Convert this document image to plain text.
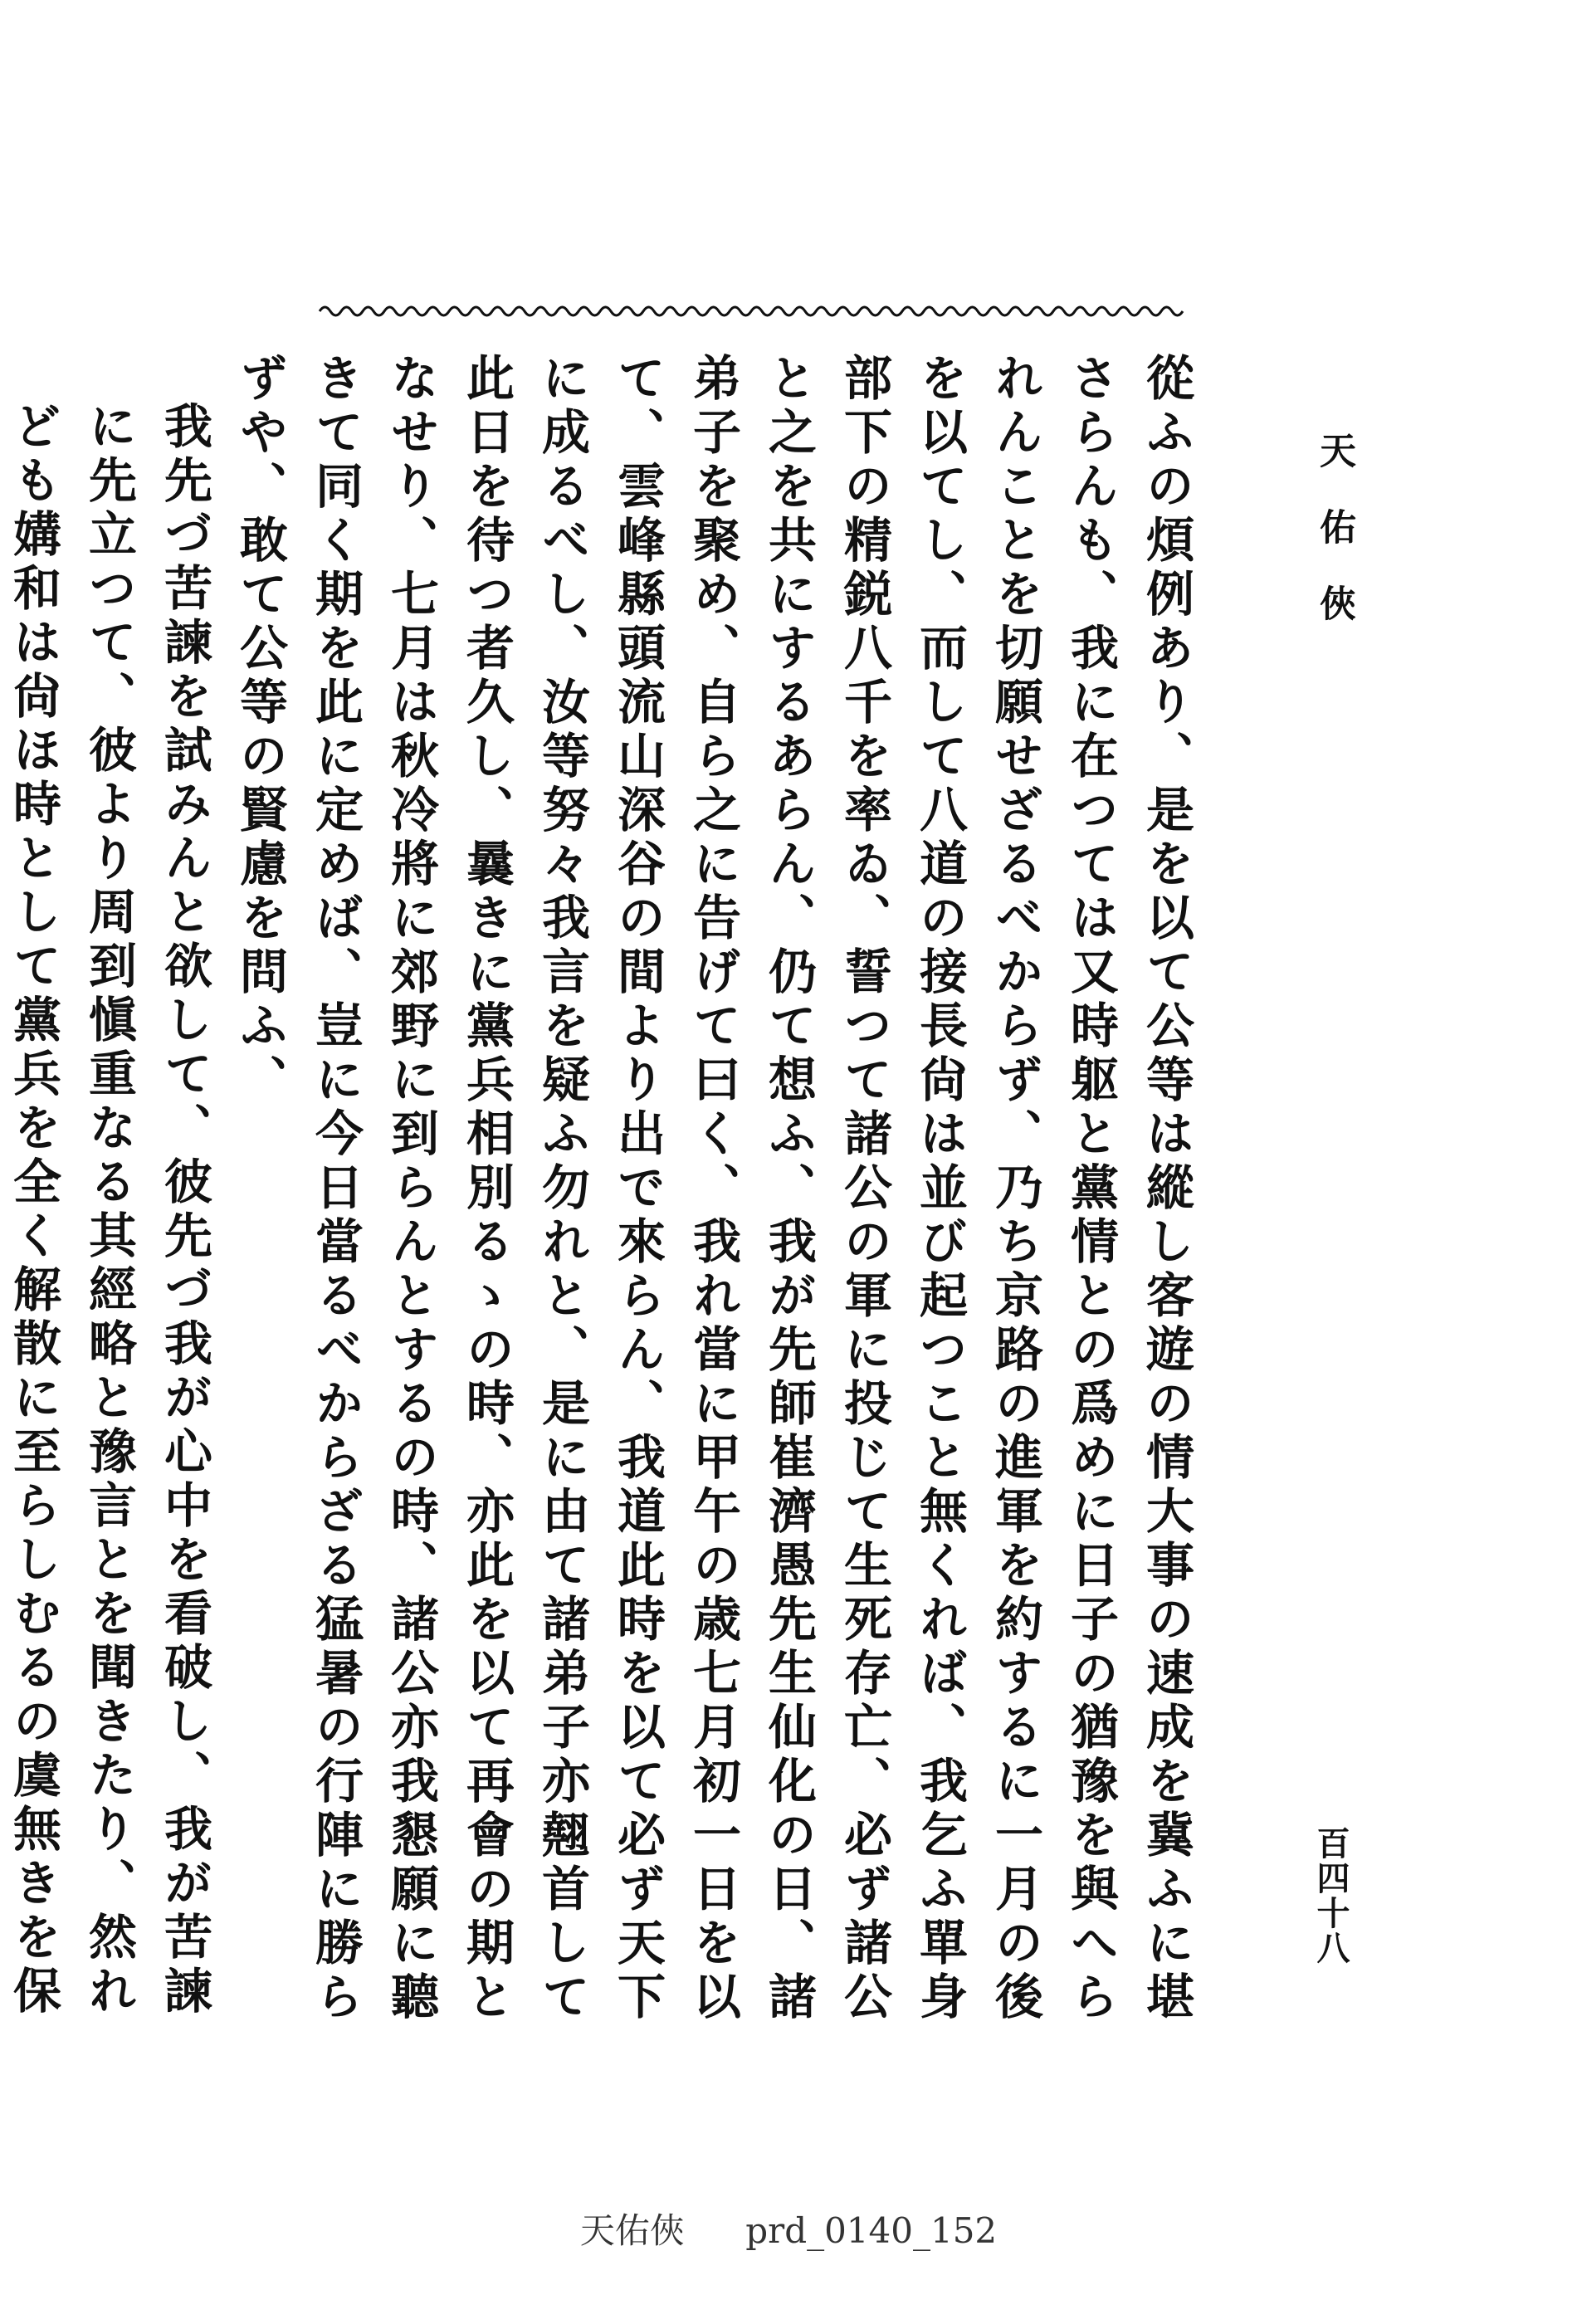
天佑俠
百四十八

從ふの煩例あり、是を以て公等は縱し客遊の情大事の速成を冀ふに堪さらんも、我に在つては又時躯と黨情との爲めに日子の猶豫を與へられんことを切願せざるべからず、乃ち京路の進軍を約するに一月の後を以てし、而して八道の接長尙は並び起つこと無くれば、我乞ふ單身部下の精鋭八千を率ゐ、誓つて諸公の軍に投じて生死存亡、必ず諸公と之を共にするあらん、仍て想ふ、我が先師崔濟愚先生仙化の日、諸弟子を聚め、自ら之に告げて曰く、我れ當に甲午の歳七月初一日を以て、雲峰縣頭流山深谷の間より出で來らん、我道此時を以て必ず天下に成るべし、汝等努々我言を疑ふ勿れと、是に由て諸弟子亦翹首して此日を待つ者久し、曩きに黨兵相別るゝの時、亦此を以て再會の期となせり、七月は秋冷將に郊野に到らんとするの時、諸公亦我懇願に聽きて同く期を此に定めば、豈に今日當るべからざる猛暑の行陣に勝らずや、敢て公等の賢慮を問ふ、

我先づ苦諫を試みんと欲して、彼先づ我が心中を看破し、我が苦諫に先立つて、彼より周到愼重なる其經略と豫言とを聞きたり、然れども媾和は尙ほ時として黨兵を全く解散に至らしむるの虞無きを保

天佑俠 prd_0140_152
